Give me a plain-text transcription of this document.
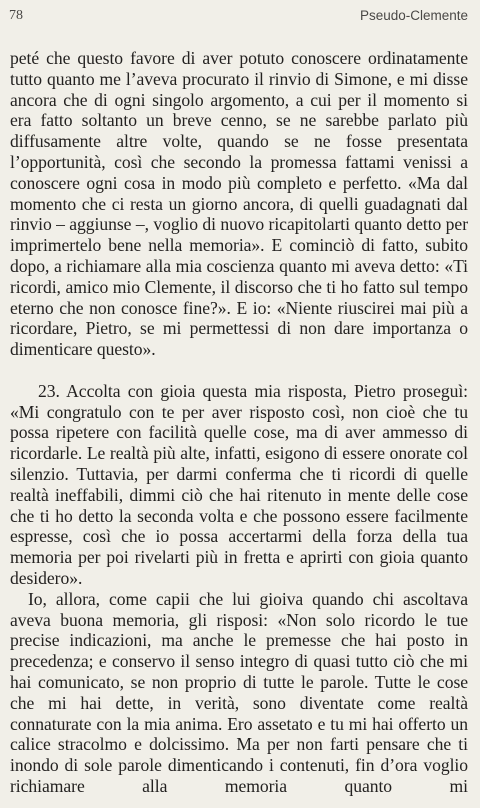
78	Pseudo-Clemente

peté che questo favore di aver potuto conoscere ordinatamente tutto quanto me l’aveva procurato il rinvio di Simone, e mi disse ancora che di ogni singolo argomento, a cui per il momento si era fatto soltanto un breve cenno, se ne sarebbe parlato più diffusamente altre volte, quando se ne fosse presentata l’opportunità, così che secondo la promessa fattami venissi a conoscere ogni cosa in modo più completo e perfetto. «Ma dal momento che ci resta un giorno ancora, di quelli guadagnati dal rinvio – aggiunse –, voglio di nuovo ricapitolarti quanto detto per imprimertelo bene nella memoria». E cominciò di fatto, subito dopo, a richiamare alla mia coscienza quanto mi aveva detto: «Ti ricordi, amico mio Clemente, il discorso che ti ho fatto sul tempo eterno che non conosce fine?». E io: «Niente riuscirei mai più a ricordare, Pietro, se mi permettessi di non dare importanza o dimenticare questo».

23. Accolta con gioia questa mia risposta, Pietro proseguì: «Mi congratulo con te per aver risposto così, non cioè che tu possa ripetere con facilità quelle cose, ma di aver ammesso di ricordarle. Le realtà più alte, infatti, esigono di essere onorate col silenzio. Tuttavia, per darmi conferma che ti ricordi di quelle realtà ineffabili, dimmi ciò che hai ritenuto in mente delle cose che ti ho detto la seconda volta e che possono essere facilmente espresse, così che io possa accertarmi della forza della tua memoria per poi rivelarti più in fretta e aprirti con gioia quanto desidero».

Io, allora, come capii che lui gioiva quando chi ascoltava aveva buona memoria, gli risposi: «Non solo ricordo le tue precise indicazioni, ma anche le premesse che hai posto in precedenza; e conservo il senso integro di quasi tutto ciò che mi hai comunicato, se non proprio di tutte le parole. Tutte le cose che mi hai dette, in verità, sono diventate come realtà connaturate con la mia anima. Ero assetato e tu mi hai offerto un calice stracolmo e dolcissimo. Ma per non farti pensare che ti inondo di sole parole dimenticando i contenuti, fin d’ora voglio richiamare alla memoria quanto mi
